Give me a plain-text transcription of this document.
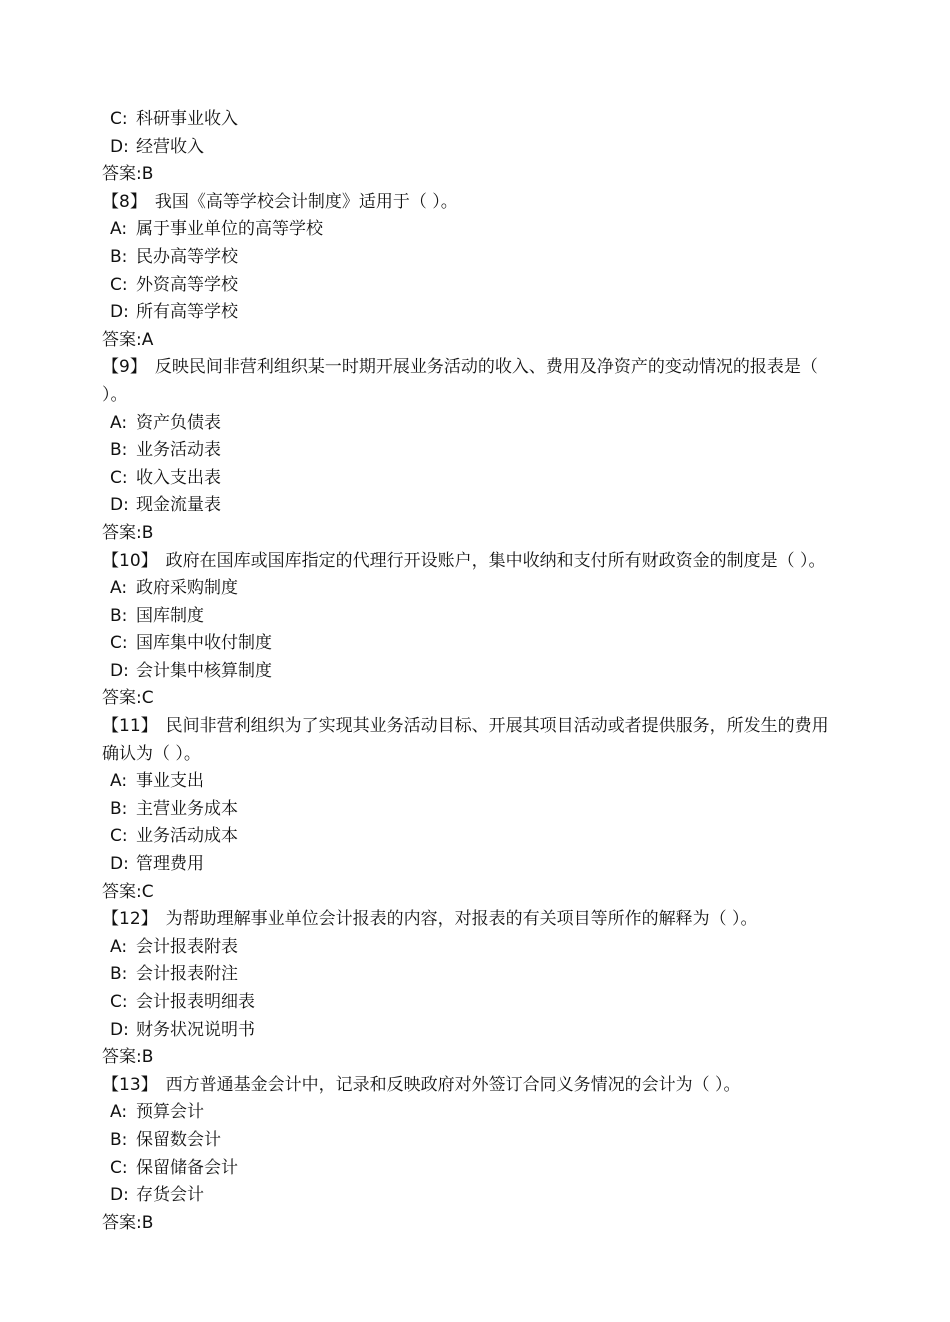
C: 科研事业收入
D: 经营收入
答案:B
【8】 我国《高等学校会计制度》适用于（ ）。
A: 属于事业单位的高等学校
B: 民办高等学校
C: 外资高等学校
D: 所有高等学校
答案:A
【9】 反映民间非营利组织某一时期开展业务活动的收入、费用及净资产的变动情况的报表是（ ）。
A: 资产负债表
B: 业务活动表
C: 收入支出表
D: 现金流量表
答案:B
【10】 政府在国库或国库指定的代理行开设账户，集中收纳和支付所有财政资金的制度是（ ）。
A: 政府采购制度
B: 国库制度
C: 国库集中收付制度
D: 会计集中核算制度
答案:C
【11】 民间非营利组织为了实现其业务活动目标、开展其项目活动或者提供服务，所发生的费用确认为（ ）。
A: 事业支出
B: 主营业务成本
C: 业务活动成本
D: 管理费用
答案:C
【12】 为帮助理解事业单位会计报表的内容，对报表的有关项目等所作的解释为（ ）。
A: 会计报表附表
B: 会计报表附注
C: 会计报表明细表
D: 财务状况说明书
答案:B
【13】 西方普通基金会计中，记录和反映政府对外签订合同义务情况的会计为（ ）。
A: 预算会计
B: 保留数会计
C: 保留储备会计
D: 存货会计
答案:B
